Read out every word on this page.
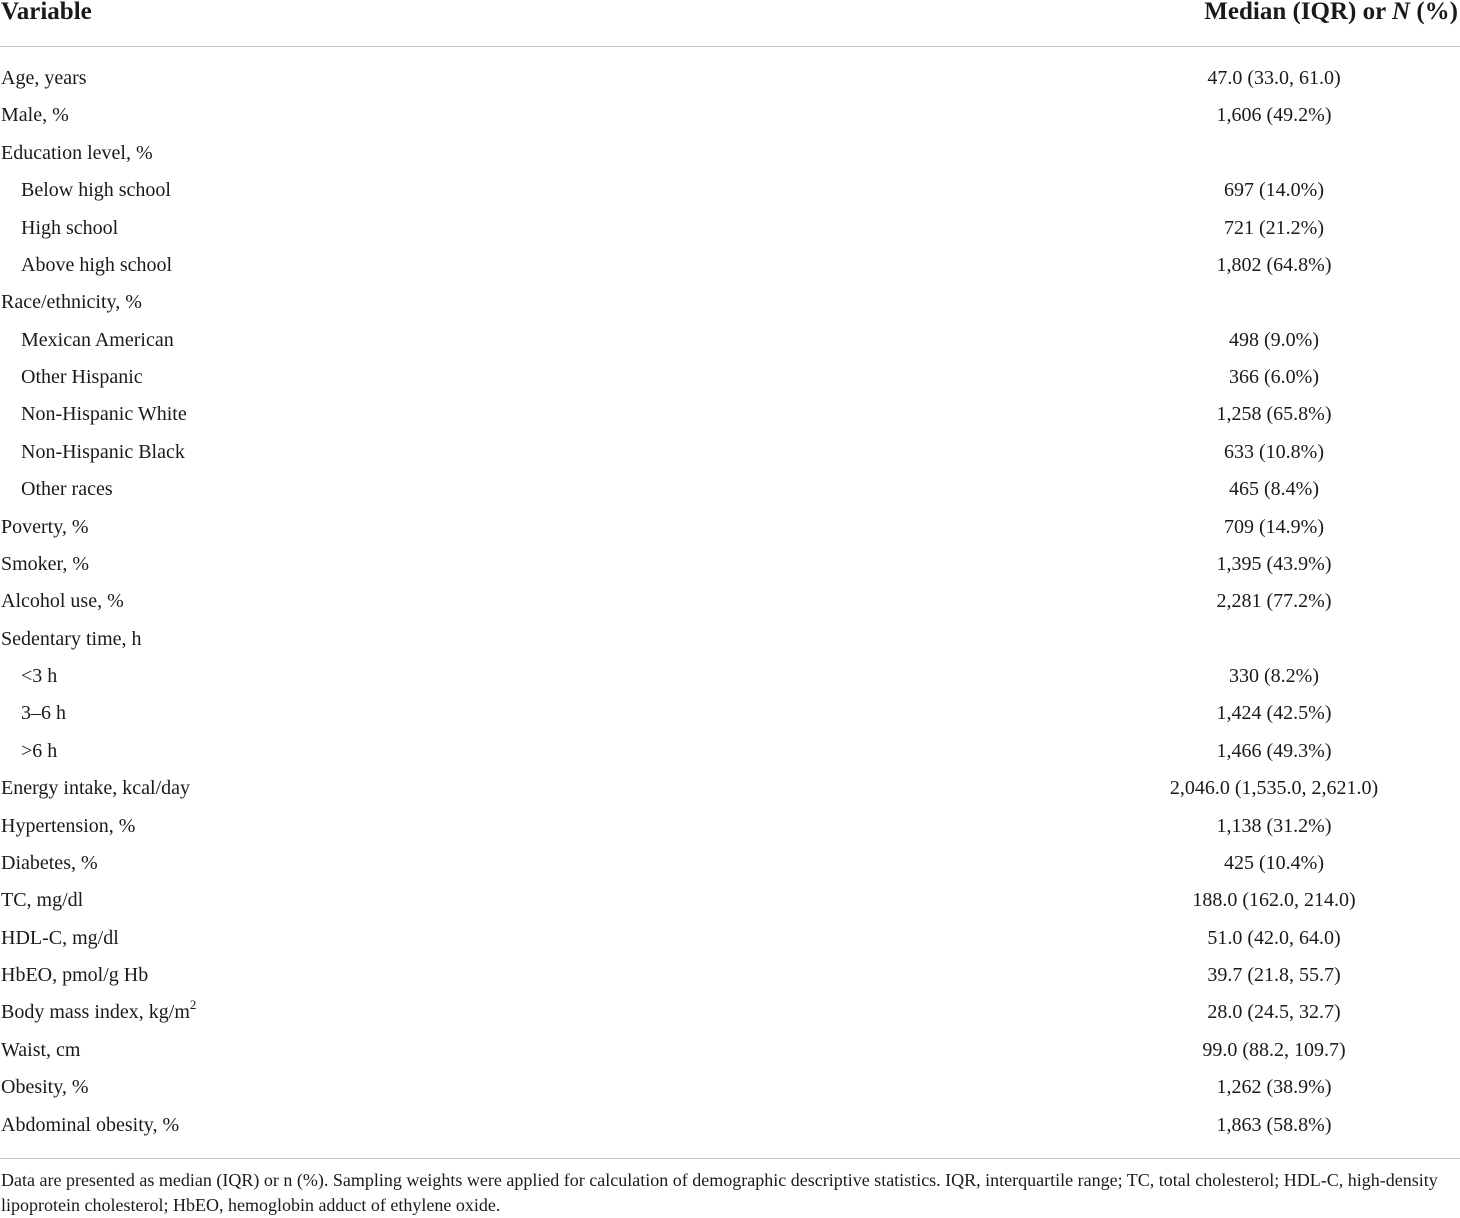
Variable	Median (IQR) or N (%)
Age, years	47.0 (33.0, 61.0)
Male, %	1,606 (49.2%)
Education level, %
Below high school	697 (14.0%)
High school	721 (21.2%)
Above high school	1,802 (64.8%)
Race/ethnicity, %
Mexican American	498 (9.0%)
Other Hispanic	366 (6.0%)
Non-Hispanic White	1,258 (65.8%)
Non-Hispanic Black	633 (10.8%)
Other races	465 (8.4%)
Poverty, %	709 (14.9%)
Smoker, %	1,395 (43.9%)
Alcohol use, %	2,281 (77.2%)
Sedentary time, h
<3 h	330 (8.2%)
3–6 h	1,424 (42.5%)
>6 h	1,466 (49.3%)
Energy intake, kcal/day	2,046.0 (1,535.0, 2,621.0)
Hypertension, %	1,138 (31.2%)
Diabetes, %	425 (10.4%)
TC, mg/dl	188.0 (162.0, 214.0)
HDL-C, mg/dl	51.0 (42.0, 64.0)
HbEO, pmol/g Hb	39.7 (21.8, 55.7)
Body mass index, $kg/m^2$	28.0 (24.5, 32.7)
Waist, cm	99.0 (88.2, 109.7)
Obesity, %	1,262 (38.9%)
Abdominal obesity, %	1,863 (58.8%)
Data are presented as median (IQR) or n (%). Sampling weights were applied for calculation of demographic descriptive statistics. IQR, interquartile range; TC, total cholesterol; HDL-C, high-density lipoprotein cholesterol; HbEO, hemoglobin adduct of ethylene oxide.
